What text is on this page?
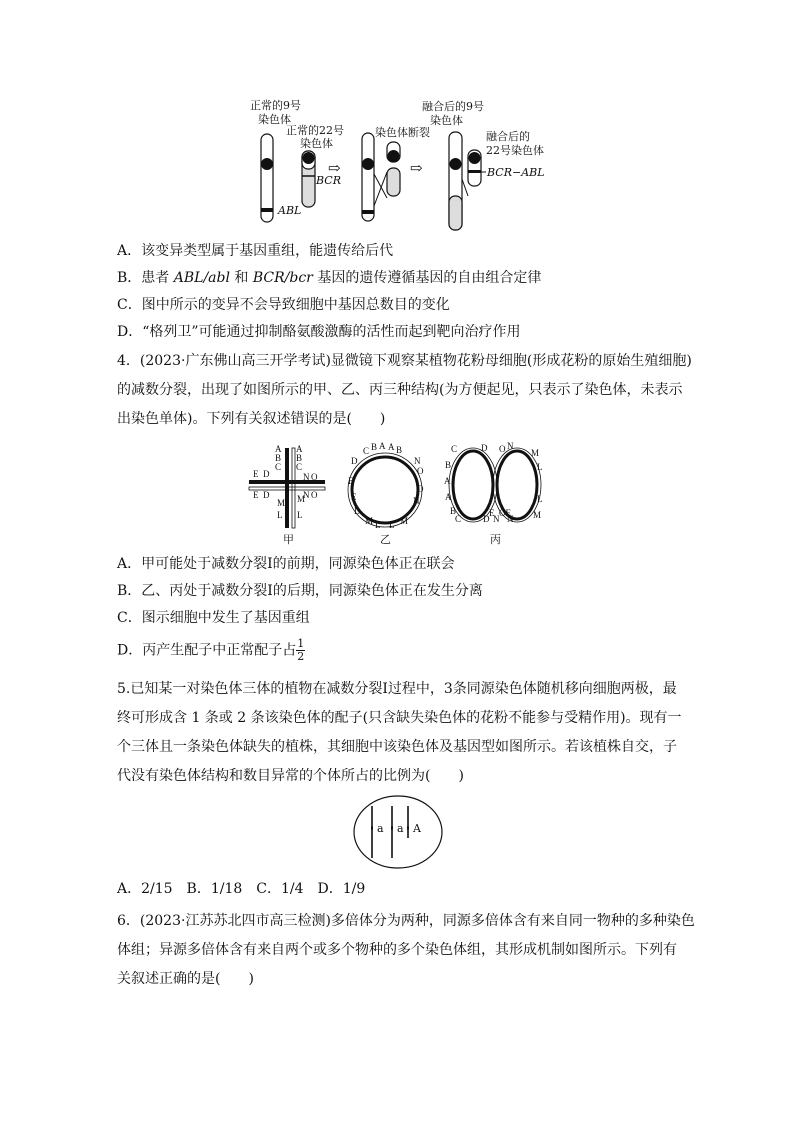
正常的9号
染色体
正常的22号
染色体
染色体断裂
融合后的9号
染色体
融合后的
22号染色体
ABL
BCR
⇨	⇨	BCR−ABL
A．该变异类型属于基因重组，能遗传给后代
B．患者 ABL/abl 和 BCR/bcr 基因的遗传遵循基因的自由组合定律
C．图中所示的变异不会导致细胞中基因总数目的变化
D．“格列卫”可能通过抑制酪氨酸激酶的活性而起到靶向治疗作用
4．(2023·广东佛山高三开学考试)显微镜下观察某植物花粉母细胞(形成花粉的原始生殖细胞)
的减数分裂，出现了如图所示的甲、乙、丙三种结构(为方便起见，只表示了染色体，未表示
出染色单体)。下列有关叙述错误的是(　　)
A
B
C
A
B
C
E D
E D
N O
N O
M
M
L L
甲
C B A A B
D
E
E
D
N
O
O
N
M L L M
乙
C
B
A
A
B
C
D O N
M
L
L
M
D
E
N
OE
N
丙
A．甲可能处于减数分裂Ⅰ的前期，同源染色体正在联会
B．乙、丙处于减数分裂Ⅰ的后期，同源染色体正在发生分离
C．图示细胞中发生了基因重组
D．丙产生配子中正常配子占 $\frac{1}{2}$
5.已知某一对染色体三体的植物在减数分裂Ⅰ过程中，3条同源染色体随机移向细胞两极，最
终可形成含 1 条或 2 条该染色体的配子(只含缺失染色体的花粉不能参与受精作用)。现有一
个三体且一条染色体缺失的植株，其细胞中该染色体及基因型如图所示。若该植株自交，子
代没有染色体结构和数目异常的个体所占的比例为(　　)
a a A
A．2/15　B．1/18　C．1/4　D．1/9
6．(2023·江苏苏北四市高三检测)多倍体分为两种，同源多倍体含有来自同一物种的多种染色
体组；异源多倍体含有来自两个或多个物种的多个染色体组，其形成机制如图所示。下列有
关叙述正确的是(　　)
